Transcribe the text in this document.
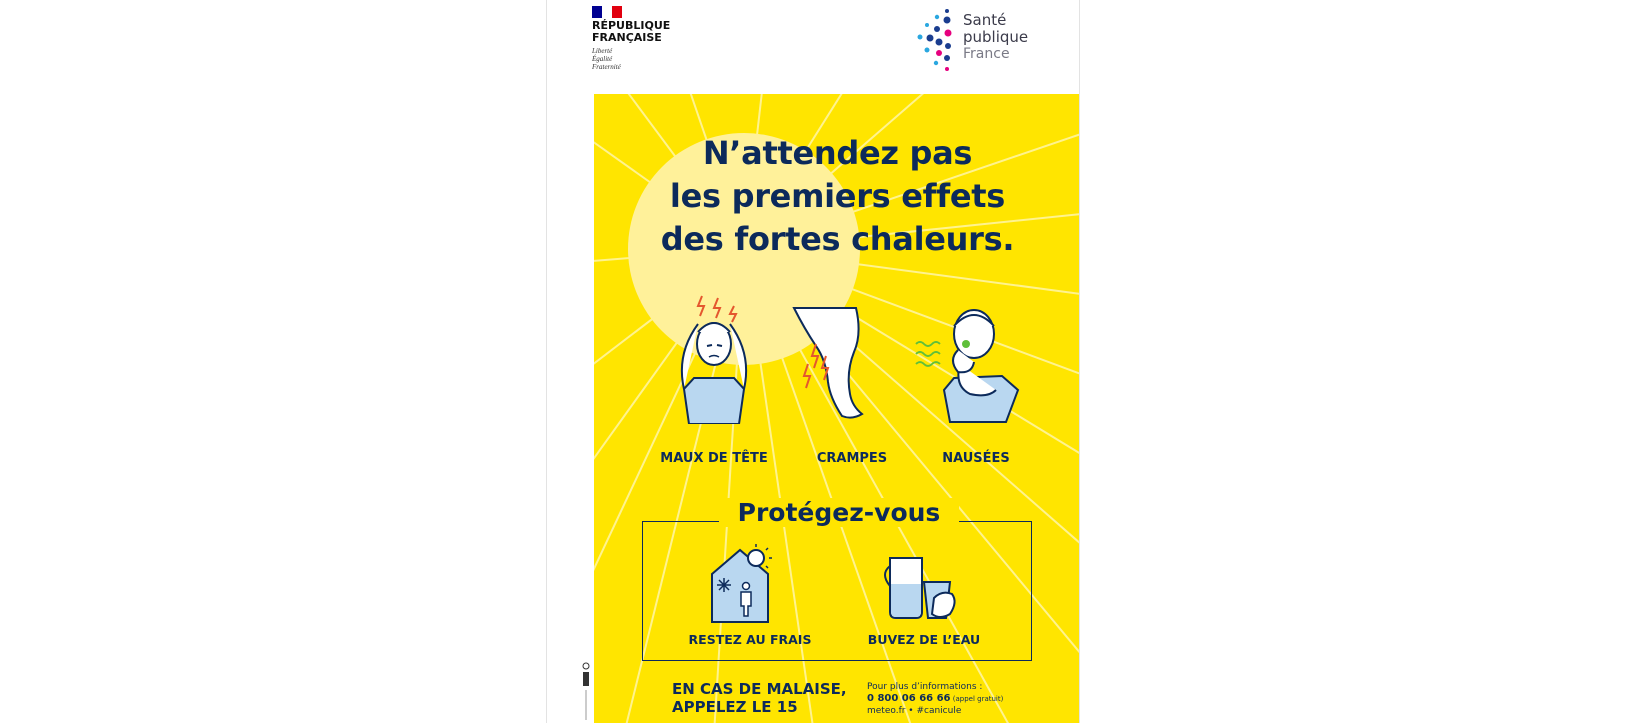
RÉPUBLIQUE
FRANÇAISE
Liberté
Égalité
Fraternité
Santé
publique
France
N’attendez pas
les premiers effets
des fortes chaleurs.
MAUX DE TÊTE	CRAMPES	NAUSÉES
Protégez-vous
RESTEZ AU FRAIS	BUVEZ DE L’EAU
EN CAS DE MALAISE,
APPELEZ LE 15
Pour plus d’informations :
0 800 06 66 66 (appel gratuit)
meteo.fr • #canicule
